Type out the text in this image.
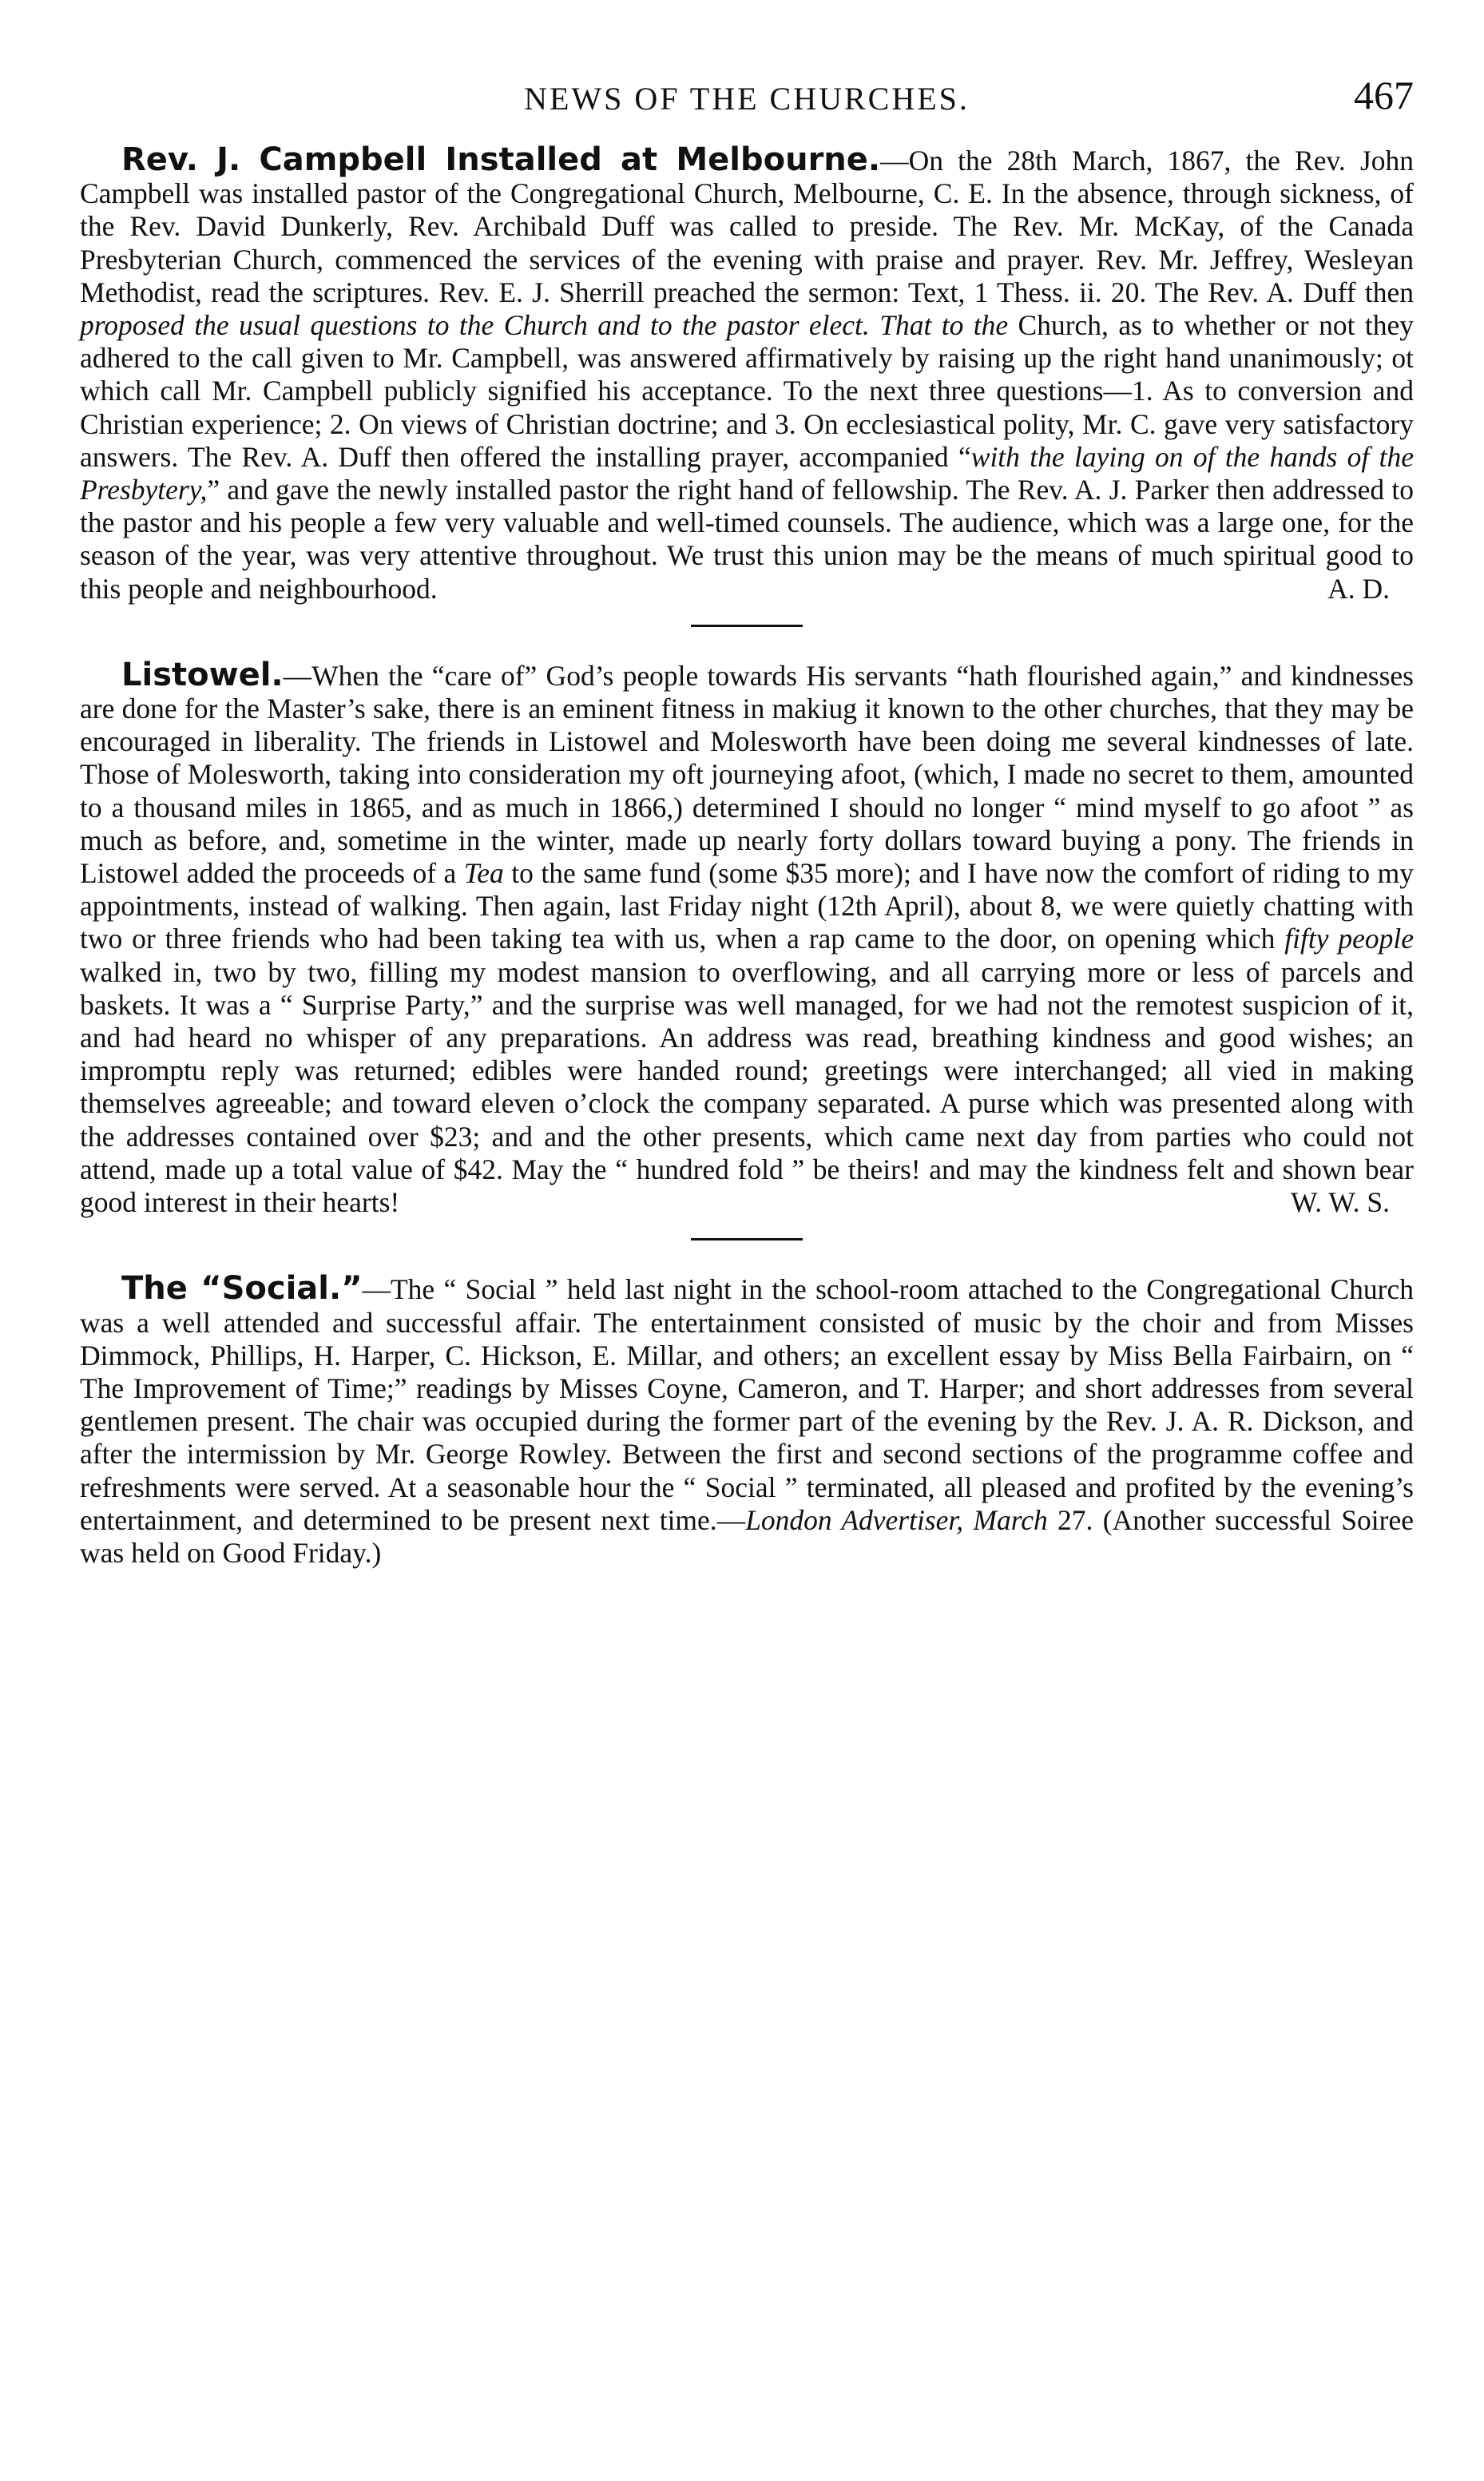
NEWS OF THE CHURCHES.	467

Rev. J. Campbell Installed at Melbourne.—On the 28th March, 1867, the Rev. John Campbell was installed pastor of the Congregational Church, Melbourne, C. E. In the absence, through sickness, of the Rev. David Dunkerly, Rev. Archibald Duff was called to preside. The Rev. Mr. McKay, of the Canada Presbyterian Church, commenced the services of the evening with praise and prayer. Rev. Mr. Jeffrey, Wesleyan Methodist, read the scriptures. Rev. E. J. Sherrill preached the sermon: Text, 1 Thess. ii. 20. The Rev. A. Duff then proposed the usual questions to the Church and to the pastor elect. That to the Church, as to whether or not they adhered to the call given to Mr. Campbell, was answered affirmatively by raising up the right hand unanimously; ot which call Mr. Campbell publicly signified his acceptance. To the next three questions—1. As to conversion and Christian experience; 2. On views of Christian doctrine; and 3. On ecclesiastical polity, Mr. C. gave very satisfactory answers. The Rev. A. Duff then offered the installing prayer, accompanied “with the laying on of the hands of the Presbytery,” and gave the newly installed pastor the right hand of fellowship. The Rev. A. J. Parker then addressed to the pastor and his people a few very valuable and well-timed counsels. The audience, which was a large one, for the season of the year, was very attentive throughout. We trust this union may be the means of much spiritual good to this people and neighbourhood.	A. D.

Listowel.—When the “care of” God’s people towards His servants “hath flourished again,” and kindnesses are done for the Master’s sake, there is an eminent fitness in makiug it known to the other churches, that they may be encouraged in liberality. The friends in Listowel and Molesworth have been doing me several kindnesses of late. Those of Molesworth, taking into consideration my oft journeying afoot, (which, I made no secret to them, amounted to a thousand miles in 1865, and as much in 1866,) determined I should no longer “ mind myself to go afoot ” as much as before, and, sometime in the winter, made up nearly forty dollars toward buying a pony. The friends in Listowel added the proceeds of a Tea to the same fund (some $35 more); and I have now the comfort of riding to my appointments, instead of walking. Then again, last Friday night (12th April), about 8, we were quietly chatting with two or three friends who had been taking tea with us, when a rap came to the door, on opening which fifty people walked in, two by two, filling my modest mansion to overflowing, and all carrying more or less of parcels and baskets. It was a “ Surprise Party,” and the surprise was well managed, for we had not the remotest suspicion of it, and had heard no whisper of any preparations. An address was read, breathing kindness and good wishes; an impromptu reply was returned; edibles were handed round; greetings were interchanged; all vied in making themselves agreeable; and toward eleven o’clock the company separated. A purse which was presented along with the addresses contained over $23; and and the other presents, which came next day from parties who could not attend, made up a total value of $42. May the “ hundred fold ” be theirs! and may the kindness felt and shown bear good interest in their hearts!	W. W. S.

The “Social.”—The “ Social ” held last night in the school-room attached to the Congregational Church was a well attended and successful affair. The entertainment consisted of music by the choir and from Misses Dimmock, Phillips, H. Harper, C. Hickson, E. Millar, and others; an excellent essay by Miss Bella Fairbairn, on “ The Improvement of Time;” readings by Misses Coyne, Cameron, and T. Harper; and short addresses from several gentlemen present. The chair was occupied during the former part of the evening by the Rev. J. A. R. Dickson, and after the intermission by Mr. George Rowley. Between the first and second sections of the programme coffee and refreshments were served. At a seasonable hour the “ Social ” terminated, all pleased and profited by the evening’s entertainment, and determined to be present next time.—London Advertiser, March 27. (Another successful Soiree was held on Good Friday.)
